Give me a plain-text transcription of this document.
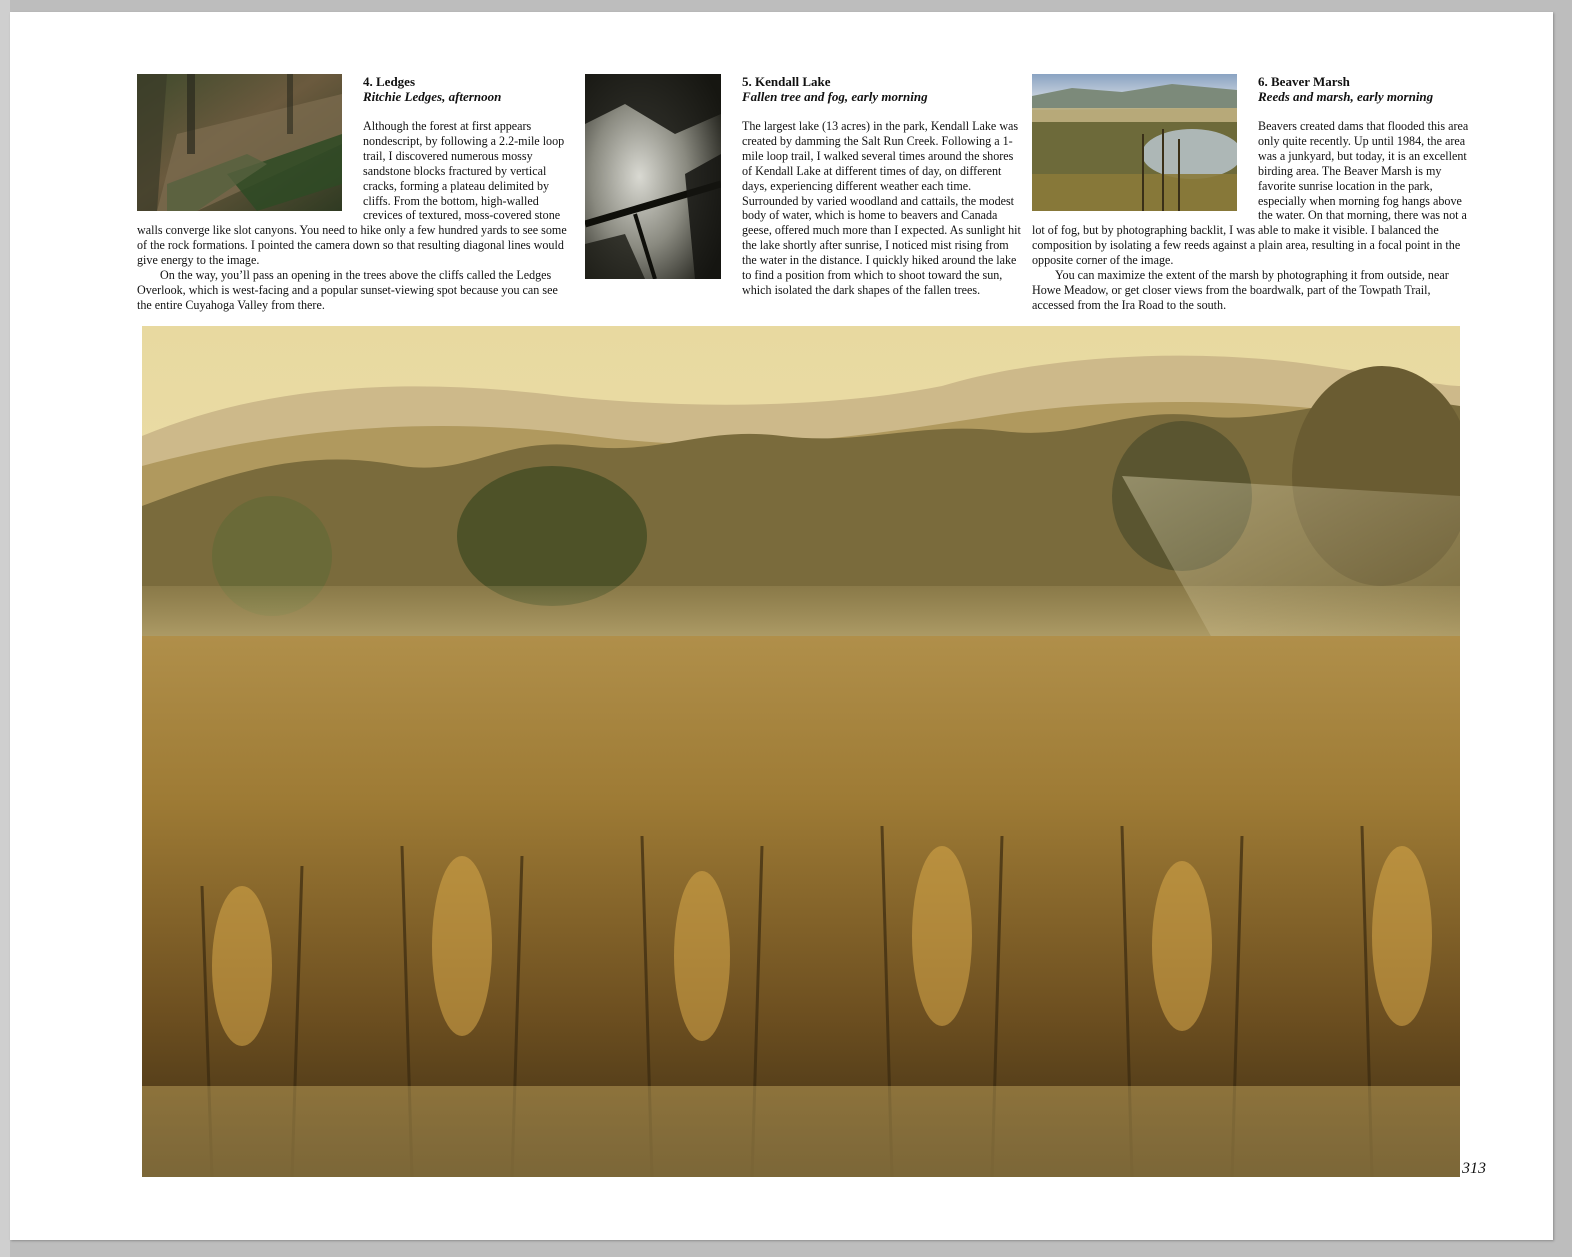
4. Ledges
Ritchie Ledges, afternoon

Although the forest at first appears nondescript, by following a 2.2-mile loop trail, I discovered numerous mossy sandstone blocks fractured by vertical cracks, forming a plateau delimited by cliffs. From the bottom, high-walled crevices of textured, moss-covered stone walls converge like slot canyons. You need to hike only a few hundred yards to see some of the rock formations. I pointed the camera down so that resulting diagonal lines would give energy to the image.

On the way, you’ll pass an opening in the trees above the cliffs called the Ledges Overlook, which is west-facing and a popular sunset-viewing spot because you can see the entire Cuyahoga Valley from there.

5. Kendall Lake
Fallen tree and fog, early morning

The largest lake (13 acres) in the park, Kendall Lake was created by damming the Salt Run Creek. Following a 1-mile loop trail, I walked several times around the shores of Kendall Lake at different times of day, on different days, experiencing different weather each time. Surrounded by varied woodland and cattails, the modest body of water, which is home to beavers and Canada geese, offered much more than I expected. As sunlight hit the lake shortly after sunrise, I noticed mist rising from the water in the distance. I quickly hiked around the lake to find a position from which to shoot toward the sun, which isolated the dark shapes of the fallen trees.

6. Beaver Marsh
Reeds and marsh, early morning

Beavers created dams that flooded this area only quite recently. Up until 1984, the area was a junkyard, but today, it is an excellent birding area. The Beaver Marsh is my favorite sunrise location in the park, especially when morning fog hangs above the water. On that morning, there was not a lot of fog, but by photographing backlit, I was able to make it visible. I balanced the composition by isolating a few reeds against a plain area, resulting in a focal point in the opposite corner of the image.

You can maximize the extent of the marsh by photographing it from outside, near Howe Meadow, or get closer views from the boardwalk, part of the Towpath Trail, accessed from the Ira Road to the south.

313
